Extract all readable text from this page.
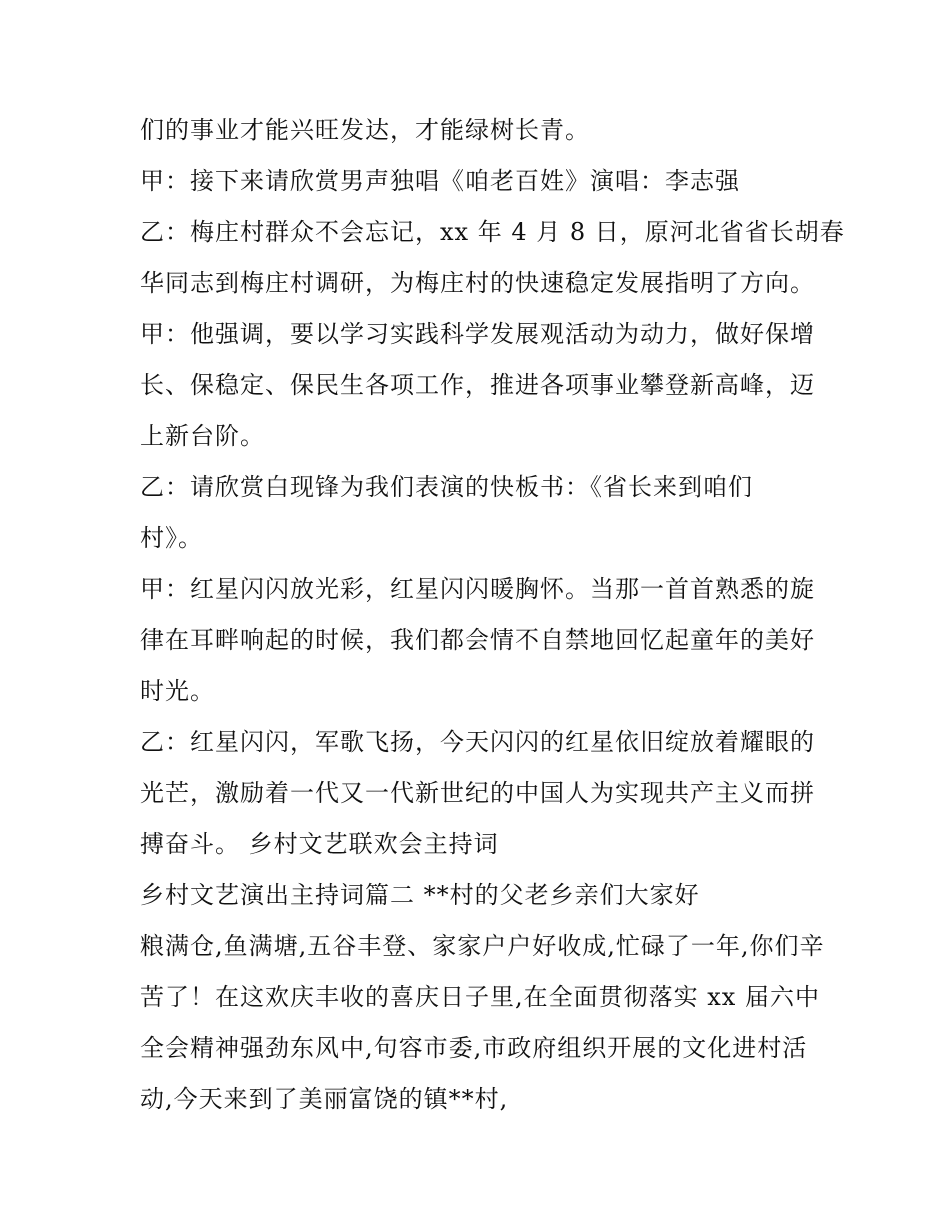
们的事业才能兴旺发达，才能绿树长青。
甲：接下来请欣赏男声独唱《咱老百姓》演唱：李志强
乙：梅庄村群众不会忘记，xx 年 4 月 8 日，原河北省省长胡春
华同志到梅庄村调研，为梅庄村的快速稳定发展指明了方向。
甲：他强调，要以学习实践科学发展观活动为动力，做好保增
长、保稳定、保民生各项工作，推进各项事业攀登新高峰，迈
上新台阶。
乙：请欣赏白现锋为我们表演的快板书：《省长来到咱们
村》。
甲：红星闪闪放光彩，红星闪闪暖胸怀。当那一首首熟悉的旋
律在耳畔响起的时候，我们都会情不自禁地回忆起童年的美好
时光。
乙：红星闪闪，军歌飞扬，今天闪闪的红星依旧绽放着耀眼的
光芒，激励着一代又一代新世纪的中国人为实现共产主义而拼
搏奋斗。 乡村文艺联欢会主持词
乡村文艺演出主持词篇二 **村的父老乡亲们大家好
粮满仓,鱼满塘,五谷丰登、家家户户好收成,忙碌了一年,你们辛
苦了！在这欢庆丰收的喜庆日子里,在全面贯彻落实 xx 届六中
全会精神强劲东风中,句容市委,市政府组织开展的文化进村活
动,今天来到了美丽富饶的镇**村,
